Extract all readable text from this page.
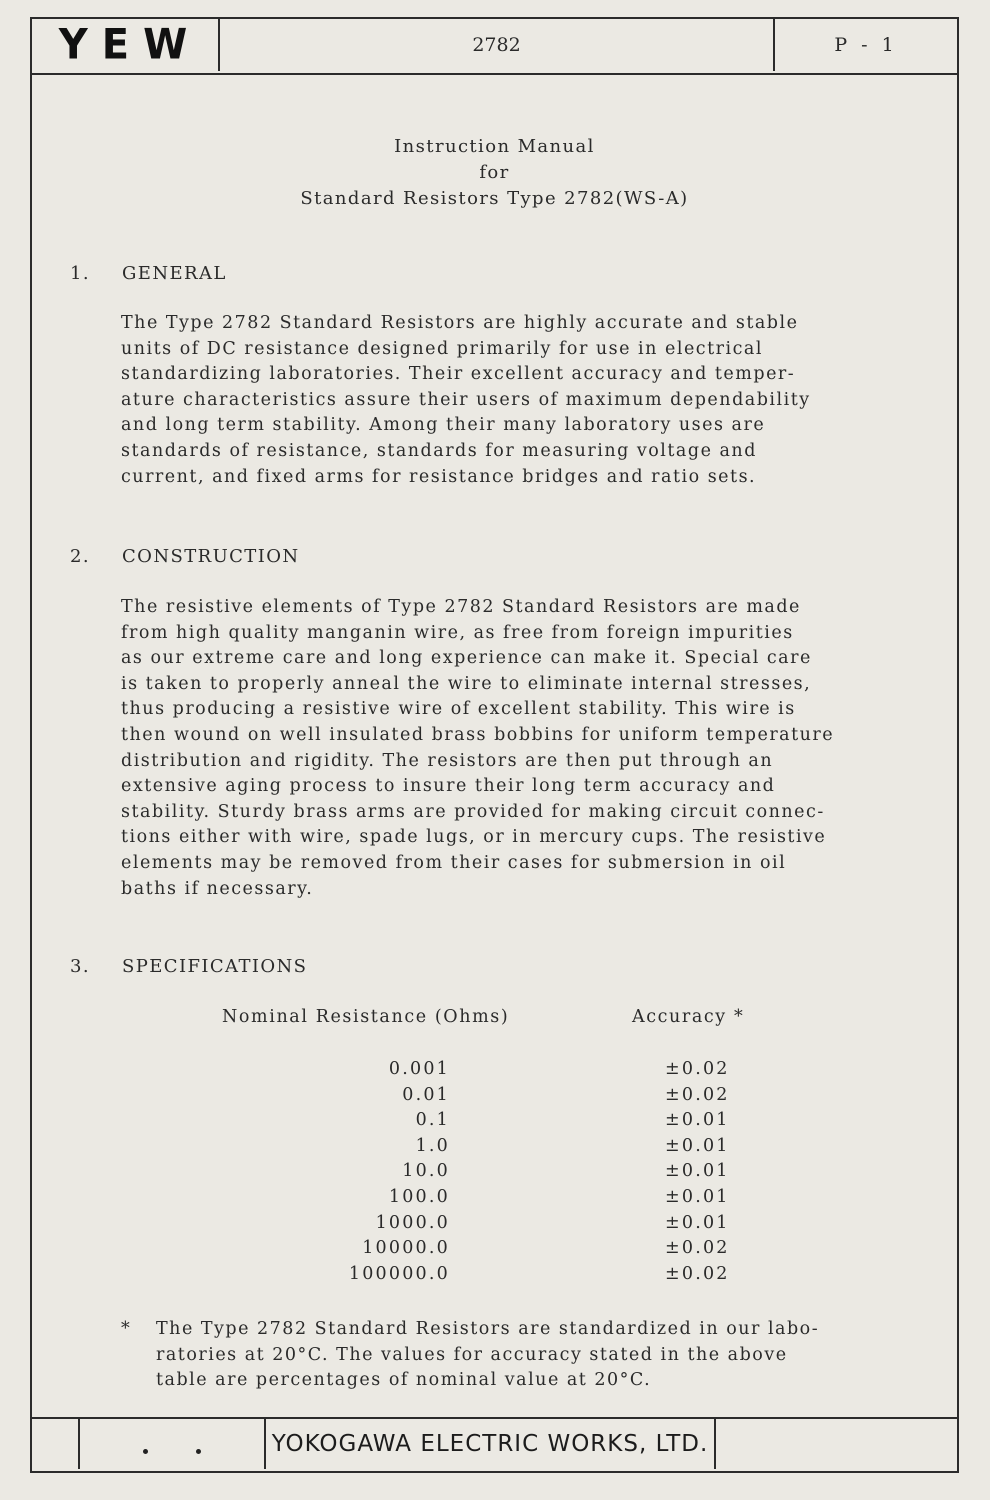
YEW	2782	P - 1
Instruction Manual
for
Standard Resistors Type 2782(WS-A)
1. GENERAL
The Type 2782 Standard Resistors are highly accurate and stable
units of DC resistance designed primarily for use in electrical
standardizing laboratories. Their excellent accuracy and temper-
ature characteristics assure their users of maximum dependability
and long term stability. Among their many laboratory uses are
standards of resistance, standards for measuring voltage and
current, and fixed arms for resistance bridges and ratio sets.
2. CONSTRUCTION
The resistive elements of Type 2782 Standard Resistors are made
from high quality manganin wire, as free from foreign impurities
as our extreme care and long experience can make it. Special care
is taken to properly anneal the wire to eliminate internal stresses,
thus producing a resistive wire of excellent stability. This wire is
then wound on well insulated brass bobbins for uniform temperature
distribution and rigidity. The resistors are then put through an
extensive aging process to insure their long term accuracy and
stability. Sturdy brass arms are provided for making circuit connec-
tions either with wire, spade lugs, or in mercury cups. The resistive
elements may be removed from their cases for submersion in oil
baths if necessary.
3. SPECIFICATIONS
Nominal Resistance (Ohms)	Accuracy *
0.001	±0.02
0.01	±0.02
0.1	±0.01
1.0	±0.01
10.0	±0.01
100.0	±0.01
1000.0	±0.01
10000.0	±0.02
100000.0	±0.02
* The Type 2782 Standard Resistors are standardized in our labo-
ratories at 20°C. The values for accuracy stated in the above
table are percentages of nominal value at 20°C.
YOKOGAWA ELECTRIC WORKS, LTD.
